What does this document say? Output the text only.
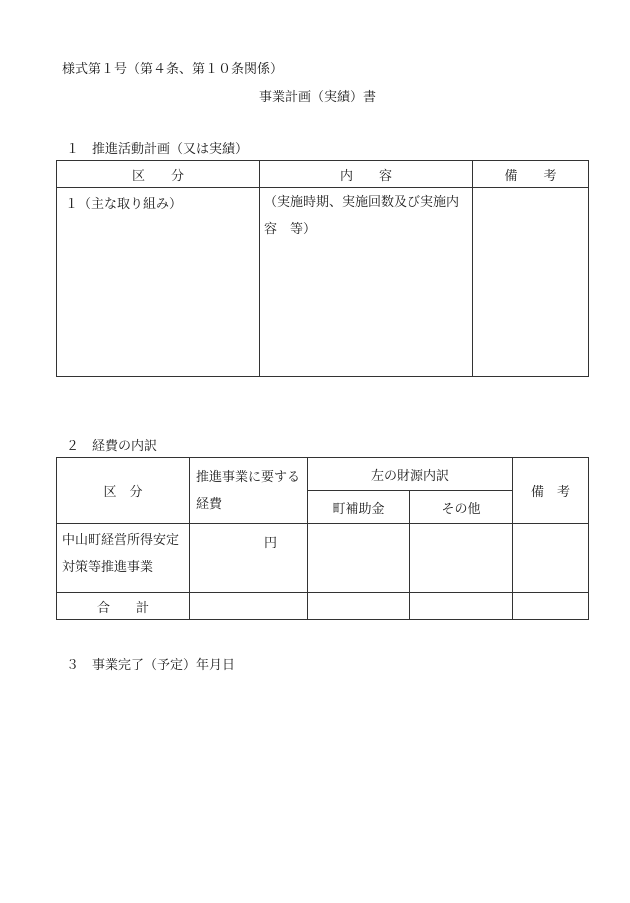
様式第１号（第４条、第１０条関係）
事業計画（実績）書
１　推進活動計画（又は実績）
区　　分	内　　容	備　　考

１（主な取り組み）	（実施時期、実施回数及び実施内容　等）	

２　経費の内訳
区　分	推進事業に要する経費	左の財源内訳		備　考
		町補助金	その他	

中山町経営所得安定対策等推進事業	円			

合　　計				
３　事業完了（予定）年月日
